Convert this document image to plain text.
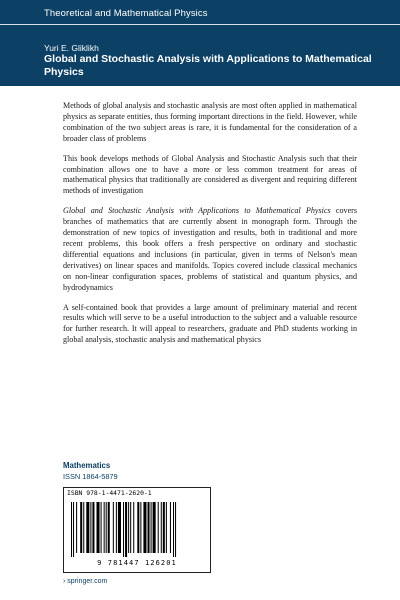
Theoretical and Mathematical Physics
Yuri E. Gliklikh
Global and Stochastic Analysis with Applications to Mathematical Physics

Methods of global analysis and stochastic analysis are most often applied in mathematical physics as separate entities, thus forming important directions in the field. However, while combination of the two subject areas is rare, it is fundamental for the consideration of a broader class of problems

This book develops methods of Global Analysis and Stochastic Analysis such that their combination allows one to have a more or less common treatment for areas of mathematical physics that traditionally are considered as divergent and requiring different methods of investigation

Global and Stochastic Analysis with Applications to Mathematical Physics covers branches of mathematics that are currently absent in monograph form. Through the demonstration of new topics of investigation and results, both in traditional and more recent problems, this book offers a fresh perspective on ordinary and stochastic differential equations and inclusions (in particular, given in terms of Nelson's mean derivatives) on linear spaces and manifolds. Topics covered include classical mechanics on non-linear configuration spaces, problems of statistical and quantum physics, and hydrodynamics

A self-contained book that provides a large amount of preliminary material and recent results which will serve to be a useful introduction to the subject and a valuable resource for further research. It will appeal to researchers, graduate and PhD students working in global analysis, stochastic analysis and mathematical physics

Mathematics
ISSN 1864-5879
ISBN 978-1-4471-2620-1
9 781447 126201
› springer.com
